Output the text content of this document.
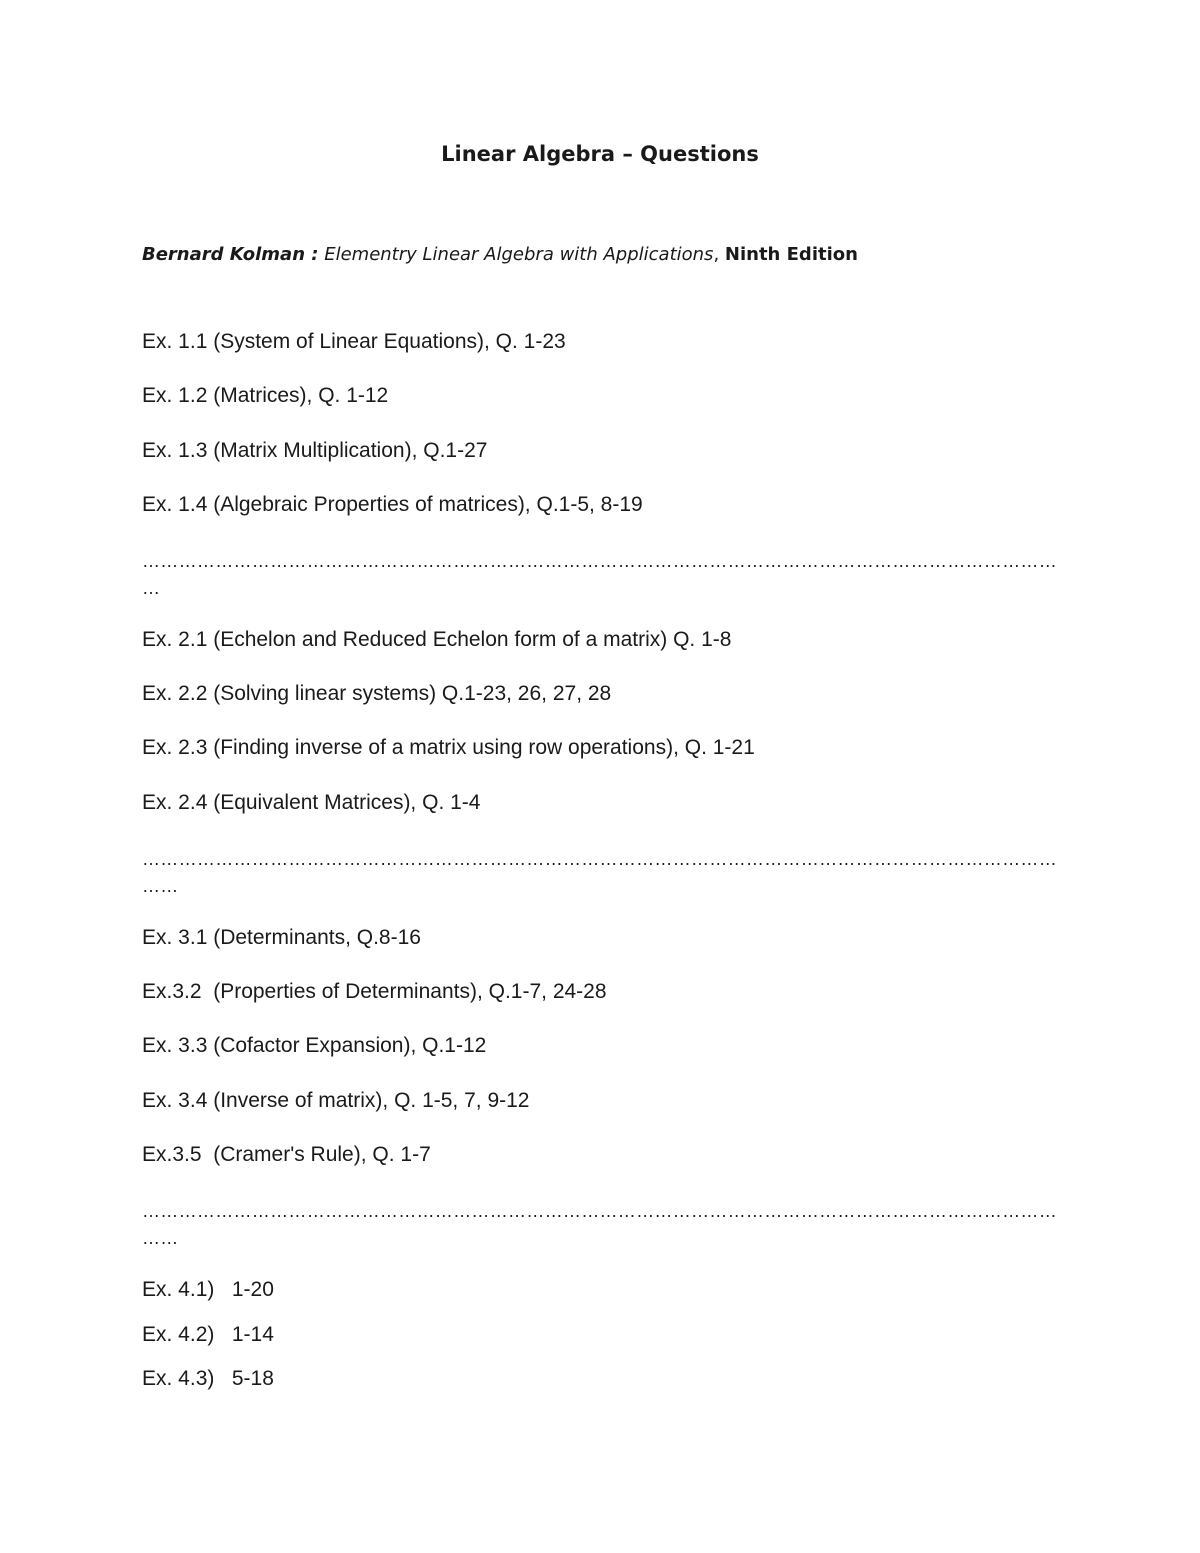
Linear Algebra – Questions
Bernard Kolman : Elementry Linear Algebra with Applications, Ninth Edition

Ex. 1.1 (System of Linear Equations), Q. 1-23

Ex. 1.2 (Matrices), Q. 1-12

Ex. 1.3 (Matrix Multiplication), Q.1-27

Ex. 1.4 (Algebraic Properties of matrices), Q.1-5, 8-19

………………………………………………………………………………………………………………………………………

Ex. 2.1 (Echelon and Reduced Echelon form of a matrix) Q. 1-8

Ex. 2.2 (Solving linear systems) Q.1-23, 26, 27, 28

Ex. 2.3 (Finding inverse of a matrix using row operations), Q. 1-21

Ex. 2.4 (Equivalent Matrices), Q. 1-4

…………………………………………………………………………………………………………………………………………

Ex. 3.1 (Determinants, Q.8-16

Ex.3.2  (Properties of Determinants), Q.1-7, 24-28

Ex. 3.3 (Cofactor Expansion), Q.1-12

Ex. 3.4 (Inverse of matrix), Q. 1-5, 7, 9-12

Ex.3.5  (Cramer's Rule), Q. 1-7

…………………………………………………………………………………………………………………………………………

Ex. 4.1)   1-20

Ex. 4.2)   1-14

Ex. 4.3)   5-18
